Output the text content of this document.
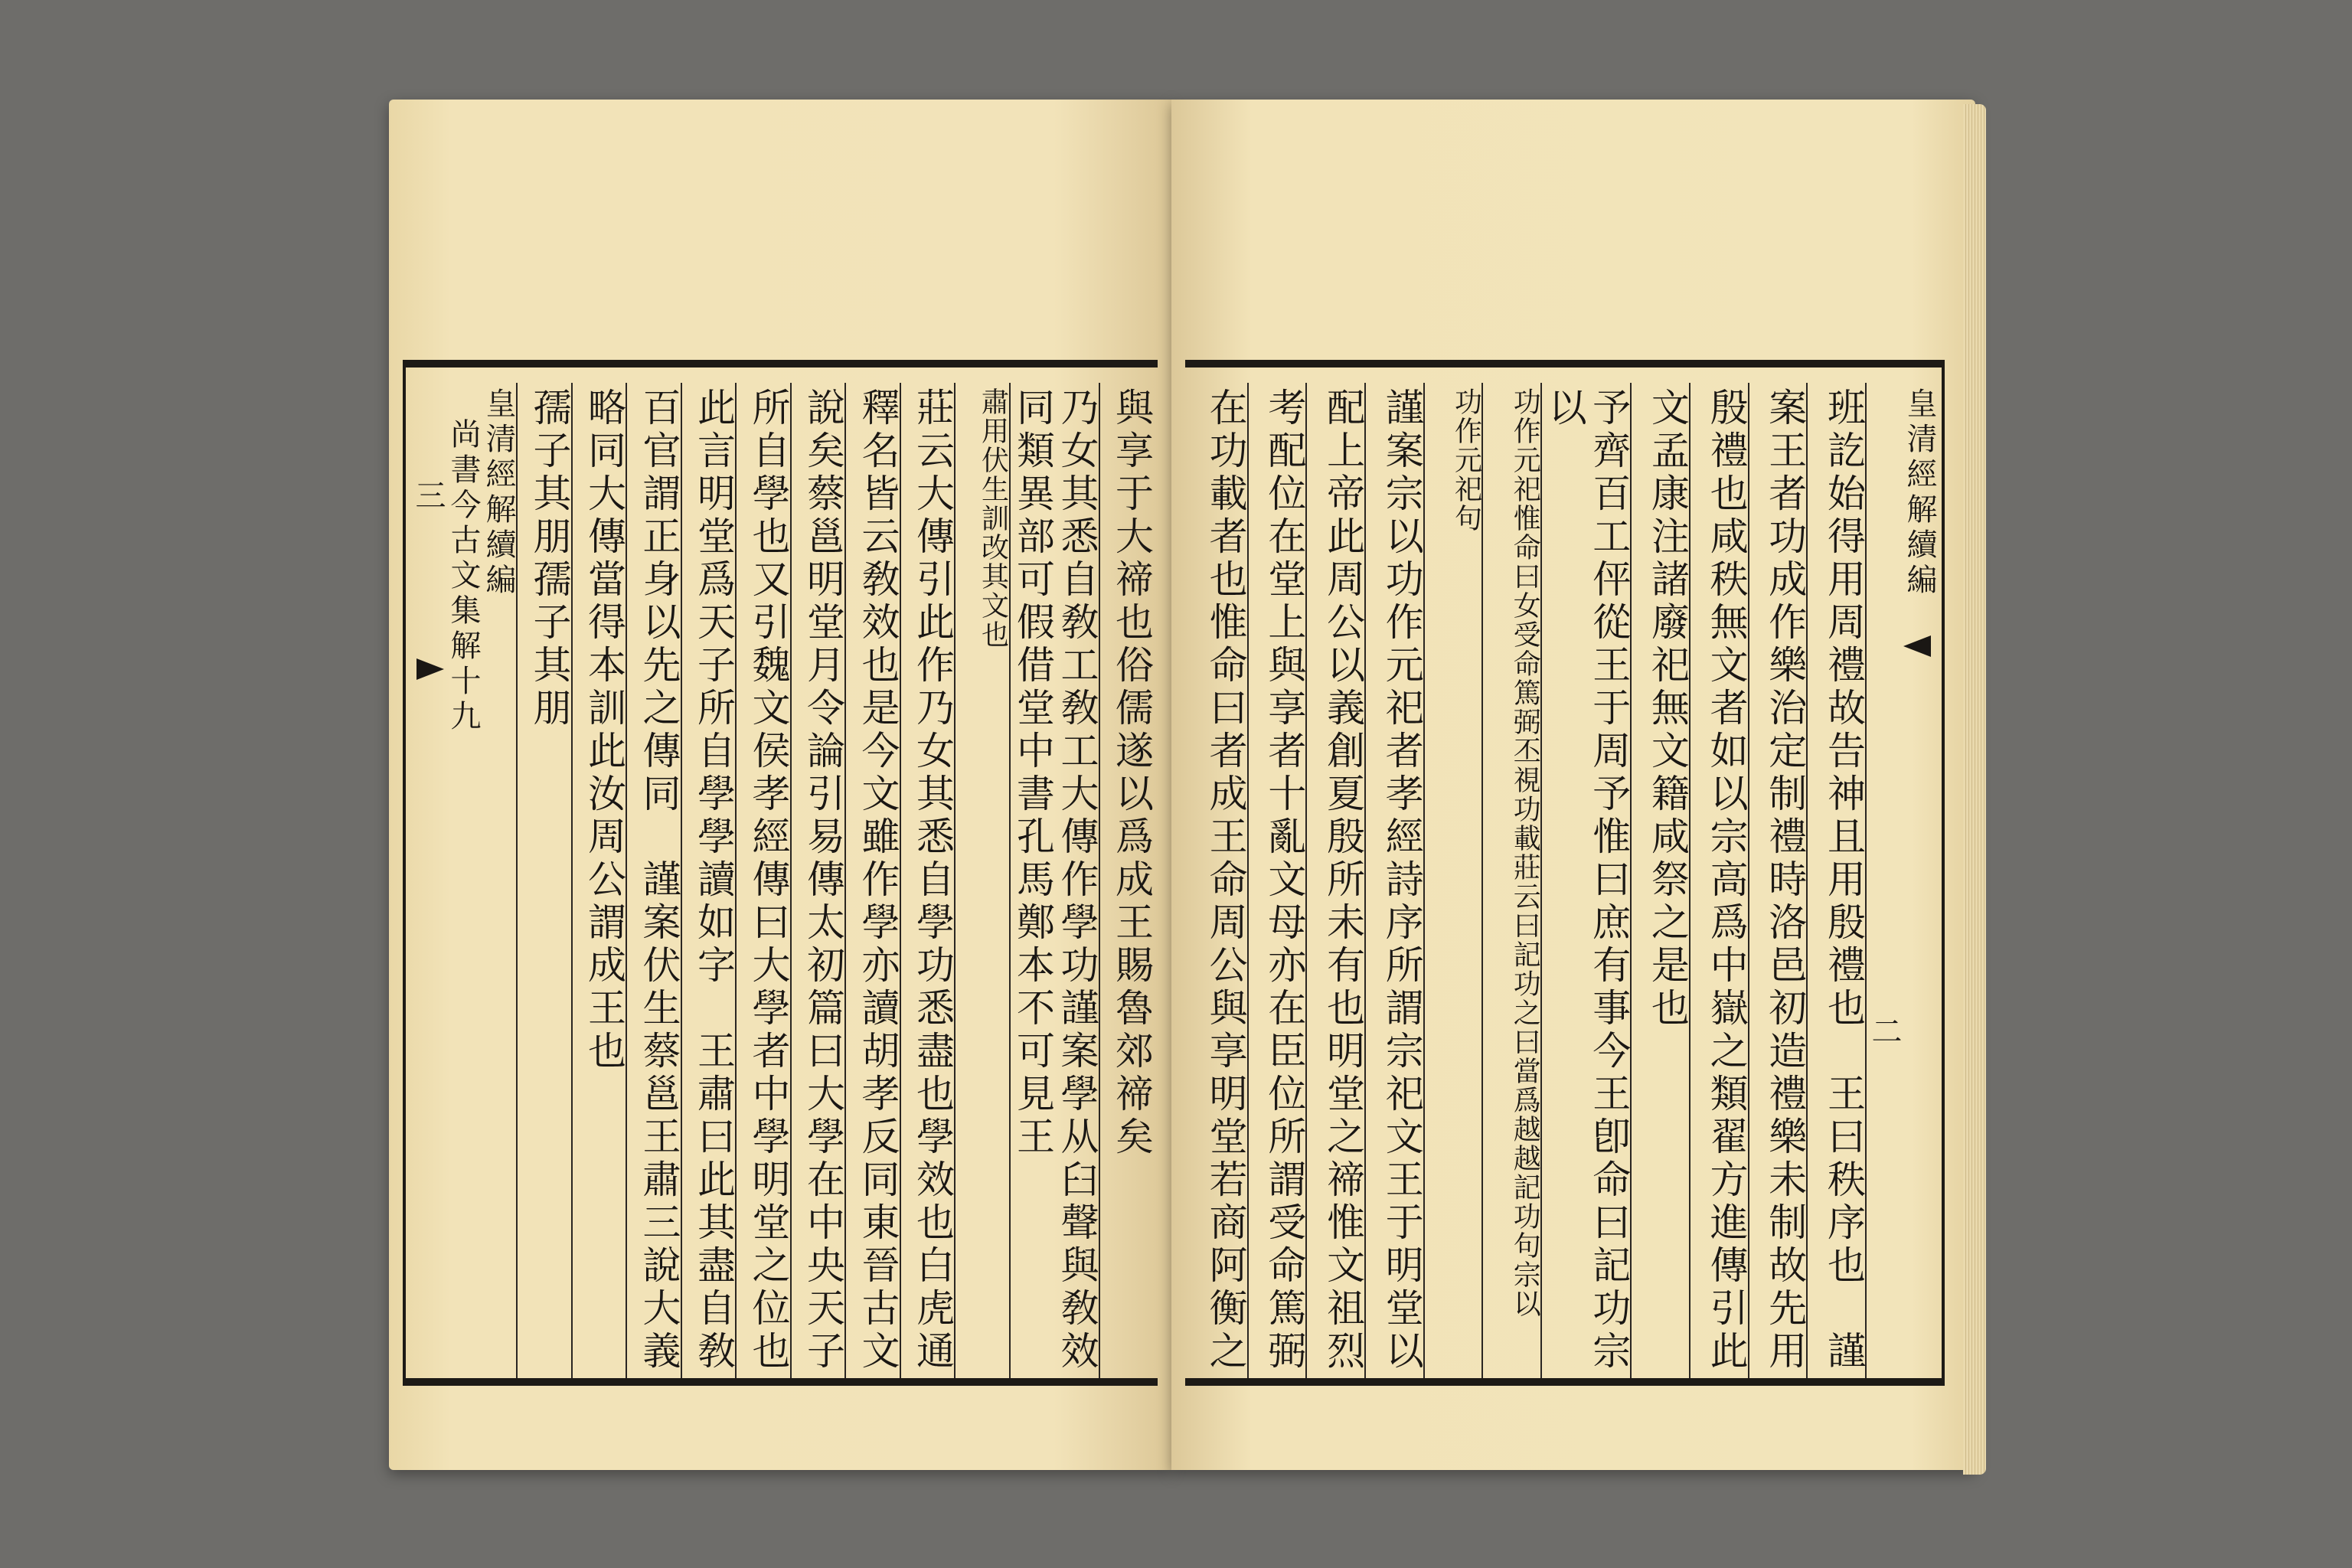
與享于大禘也俗儒遂以爲成王賜魯郊禘矣
乃女其悉自敎工敎工大傳作學功謹案學从臼聲與敎效同類異部可假借堂中書孔馬鄭本不可見王
肅用伏生訓改其文也
莊云大傳引此作乃女其悉自學功悉盡也學效也白虎通
釋名皆云敎效也是今文雖作學亦讀胡孝反同東晉古文
說矣蔡邕明堂月令論引易傳太初篇曰大學在中央天子
所自學也又引魏文侯孝經傳曰大學者中學明堂之位也
此言明堂爲天子所自學學讀如字　王肅曰此其盡自敎
百官謂正身以先之傳同　謹案伏生蔡邕王肅三說大義
略同大傳當得本訓此汝周公謂成王也
孺子其朋孺子其朋
皇清經解續編
尚書今古文集解十九
三	皇清經解續編
二
班訖始得用周禮故告神且用殷禮也　王曰秩序也　謹
案王者功成作樂治定制禮時洛邑初造禮樂未制故先用
殷禮也咸秩無文者如以宗高爲中嶽之類翟方進傳引此
文孟康注諸廢祀無文籍咸祭之是也
予齊百工伻從王于周予惟曰庶有事今王卽命曰記功宗以
功作元祀惟命曰女受命篤弼丕視功載莊云曰記功之曰當爲越越記功句宗以
功作元祀句
謹案宗以功作元祀者孝經詩序所謂宗祀文王于明堂以
配上帝此周公以義創夏殷所未有也明堂之禘惟文祖烈
考配位在堂上與享者十亂文母亦在臣位所謂受命篤弼
在功載者也惟命曰者成王命周公與享明堂若商阿衡之
